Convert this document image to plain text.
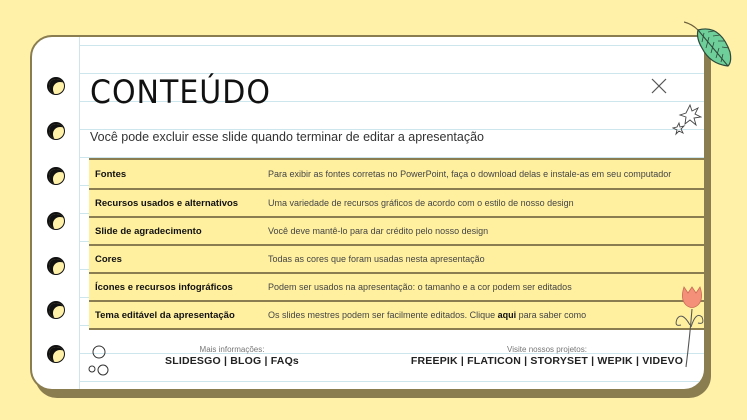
CONTEÚDO
Você pode excluir esse slide quando terminar de editar a apresentação
Fontes	Para exibir as fontes corretas no PowerPoint, faça o download delas e instale-as em seu computador
Recursos usados e alternativos	Uma variedade de recursos gráficos de acordo com o estilo de nosso design
Slide de agradecimento	Você deve mantê-lo para dar crédito pelo nosso design
Cores	Todas as cores que foram usadas nesta apresentação
Ícones e recursos infográficos	Podem ser usados na apresentação: o tamanho e a cor podem ser editados
Tema editável da apresentação	Os slides mestres podem ser facilmente editados. Clique aqui para saber como
Mais informações:
SLIDESGO | BLOG | FAQs
Visite nossos projetos:
FREEPIK | FLATICON | STORYSET | WEPIK | VIDEVO
